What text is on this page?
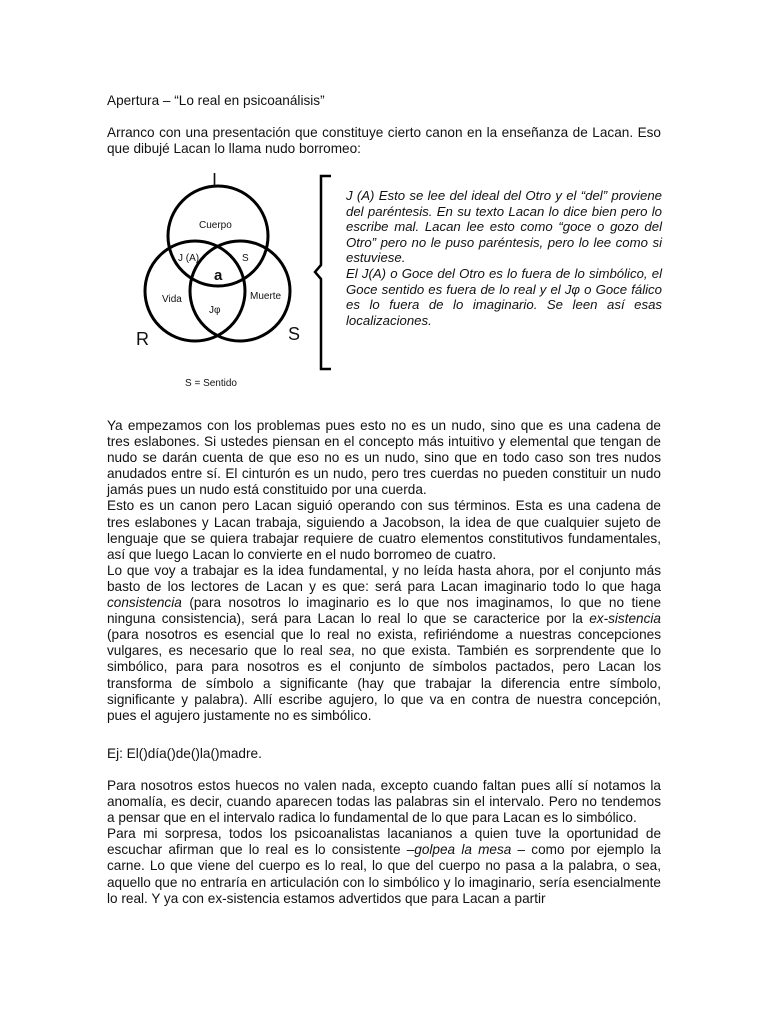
Apertura – “Lo real en psicoanálisis”

Arranco con una presentación que constituye cierto canon en la enseñanza de Lacan. Eso que dibujé Lacan lo llama nudo borromeo:

Ya empezamos con los problemas pues esto no es un nudo, sino que es una cadena de tres eslabones. Si ustedes piensan en el concepto más intuitivo y elemental que tengan de nudo se darán cuenta de que eso no es un nudo, sino que en todo caso son tres nudos anudados entre sí. El cinturón es un nudo, pero tres cuerdas no pueden constituir un nudo jamás pues un nudo está constituido por una cuerda.

Esto es un canon pero Lacan siguió operando con sus términos. Esta es una cadena de tres eslabones y Lacan trabaja, siguiendo a Jacobson, la idea de que cualquier sujeto de lenguaje que se quiera trabajar requiere de cuatro elementos constitutivos fundamentales, así que luego Lacan lo convierte en el nudo borromeo de cuatro.

Lo que voy a trabajar es la idea fundamental, y no leída hasta ahora, por el conjunto más basto de los lectores de Lacan y es que: será para Lacan imaginario todo lo que haga consistencia (para nosotros lo imaginario es lo que nos imaginamos, lo que no tiene ninguna consistencia), será para Lacan lo real lo que se caracterice por la ex-sistencia (para nosotros es esencial que lo real no exista, refiriéndome a nuestras concepciones vulgares, es necesario que lo real sea, no que exista. También es sorprendente que lo simbólico, para para nosotros es el conjunto de símbolos pactados, pero Lacan los transforma de símbolo a significante (hay que trabajar la diferencia entre símbolo, significante y palabra). Allí escribe agujero, lo que va en contra de nuestra concepción, pues el agujero justamente no es simbólico.

Ej: El()día()de()la()madre.

Para nosotros estos huecos no valen nada, excepto cuando faltan pues allí sí notamos la anomalía, es decir, cuando aparecen todas las palabras sin el intervalo. Pero no tendemos a pensar que en el intervalo radica lo fundamental de lo que para Lacan es lo simbólico.

Para mi sorpresa, todos los psicoanalistas lacanianos a quien tuve la oportunidad de escuchar afirman que lo real es lo consistente –golpea la mesa – como por ejemplo la carne. Lo que viene del cuerpo es lo real, lo que del cuerpo no pasa a la palabra, o sea, aquello que no entraría en articulación con lo simbólico y lo imaginario, sería esencialmente lo real. Y ya con ex-sistencia estamos advertidos que para Lacan a partir

I
R	S
Cuerpo
J (A)	S
a
Vida	Muerte
Jφ
S = Sentido

J (A) Esto se lee del ideal del Otro y el “del” proviene del paréntesis. En su texto Lacan lo dice bien pero lo escribe mal. Lacan lee esto como “goce o gozo del Otro” pero no le puso paréntesis, pero lo lee como si estuviese.

El J(A) o Goce del Otro es lo fuera de lo simbólico, el Goce sentido es fuera de lo real y el Jφ o Goce fálico es lo fuera de lo imaginario. Se leen así esas localizaciones.
